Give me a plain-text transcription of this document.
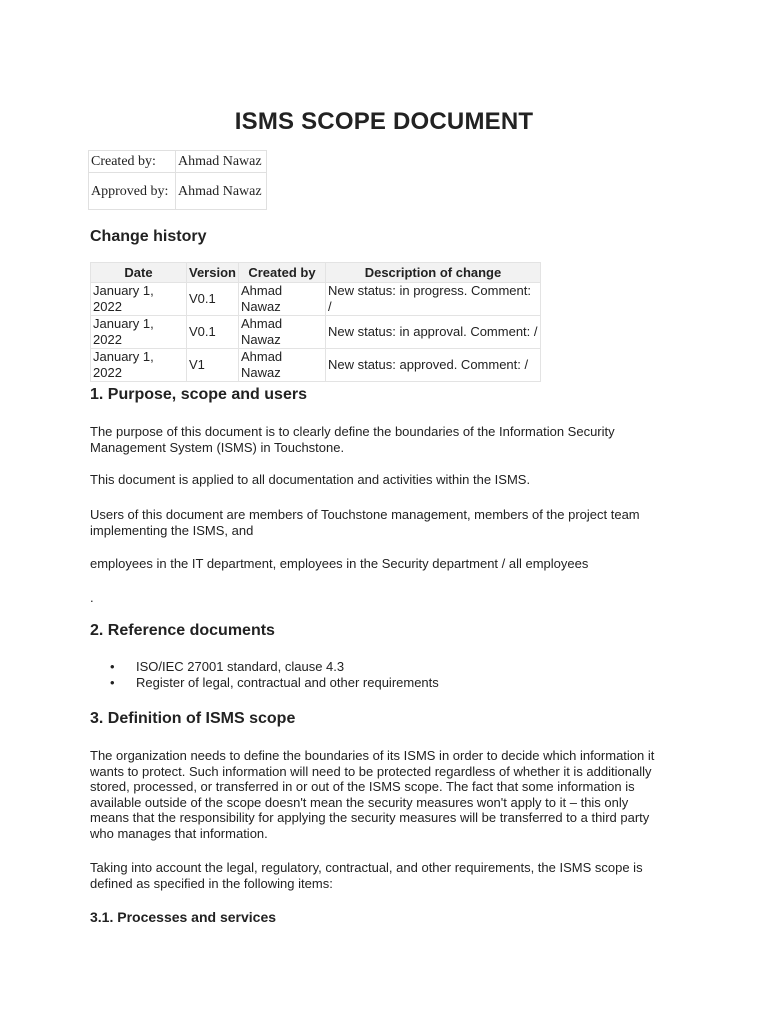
ISMS SCOPE DOCUMENT
Created by:	Ahmad Nawaz
Approved by:	Ahmad Nawaz
Change history
Date	Version	Created by	Description of change
January 1, 2022	V0.1	Ahmad Nawaz	New status: in progress. Comment: /
January 1, 2022	V0.1	Ahmad Nawaz	New status: in approval. Comment: /
January 1, 2022	V1	Ahmad Nawaz	New status: approved. Comment: /
1. Purpose, scope and users

The purpose of this document is to clearly define the boundaries of the Information Security Management System (ISMS) in Touchstone.

This document is applied to all documentation and activities within the ISMS.

Users of this document are members of Touchstone management, members of the project team implementing the ISMS, and

employees in the IT department, employees in the Security department / all employees

.

2. Reference documents
• ISO/IEC 27001 standard, clause 4.3
• Register of legal, contractual and other requirements
3. Definition of ISMS scope

The organization needs to define the boundaries of its ISMS in order to decide which information it wants to protect. Such information will need to be protected regardless of whether it is additionally stored, processed, or transferred in or out of the ISMS scope. The fact that some information is available outside of the scope doesn't mean the security measures won't apply to it – this only means that the responsibility for applying the security measures will be transferred to a third party who manages that information.

Taking into account the legal, regulatory, contractual, and other requirements, the ISMS scope is defined as specified in the following items:

3.1. Processes and services
